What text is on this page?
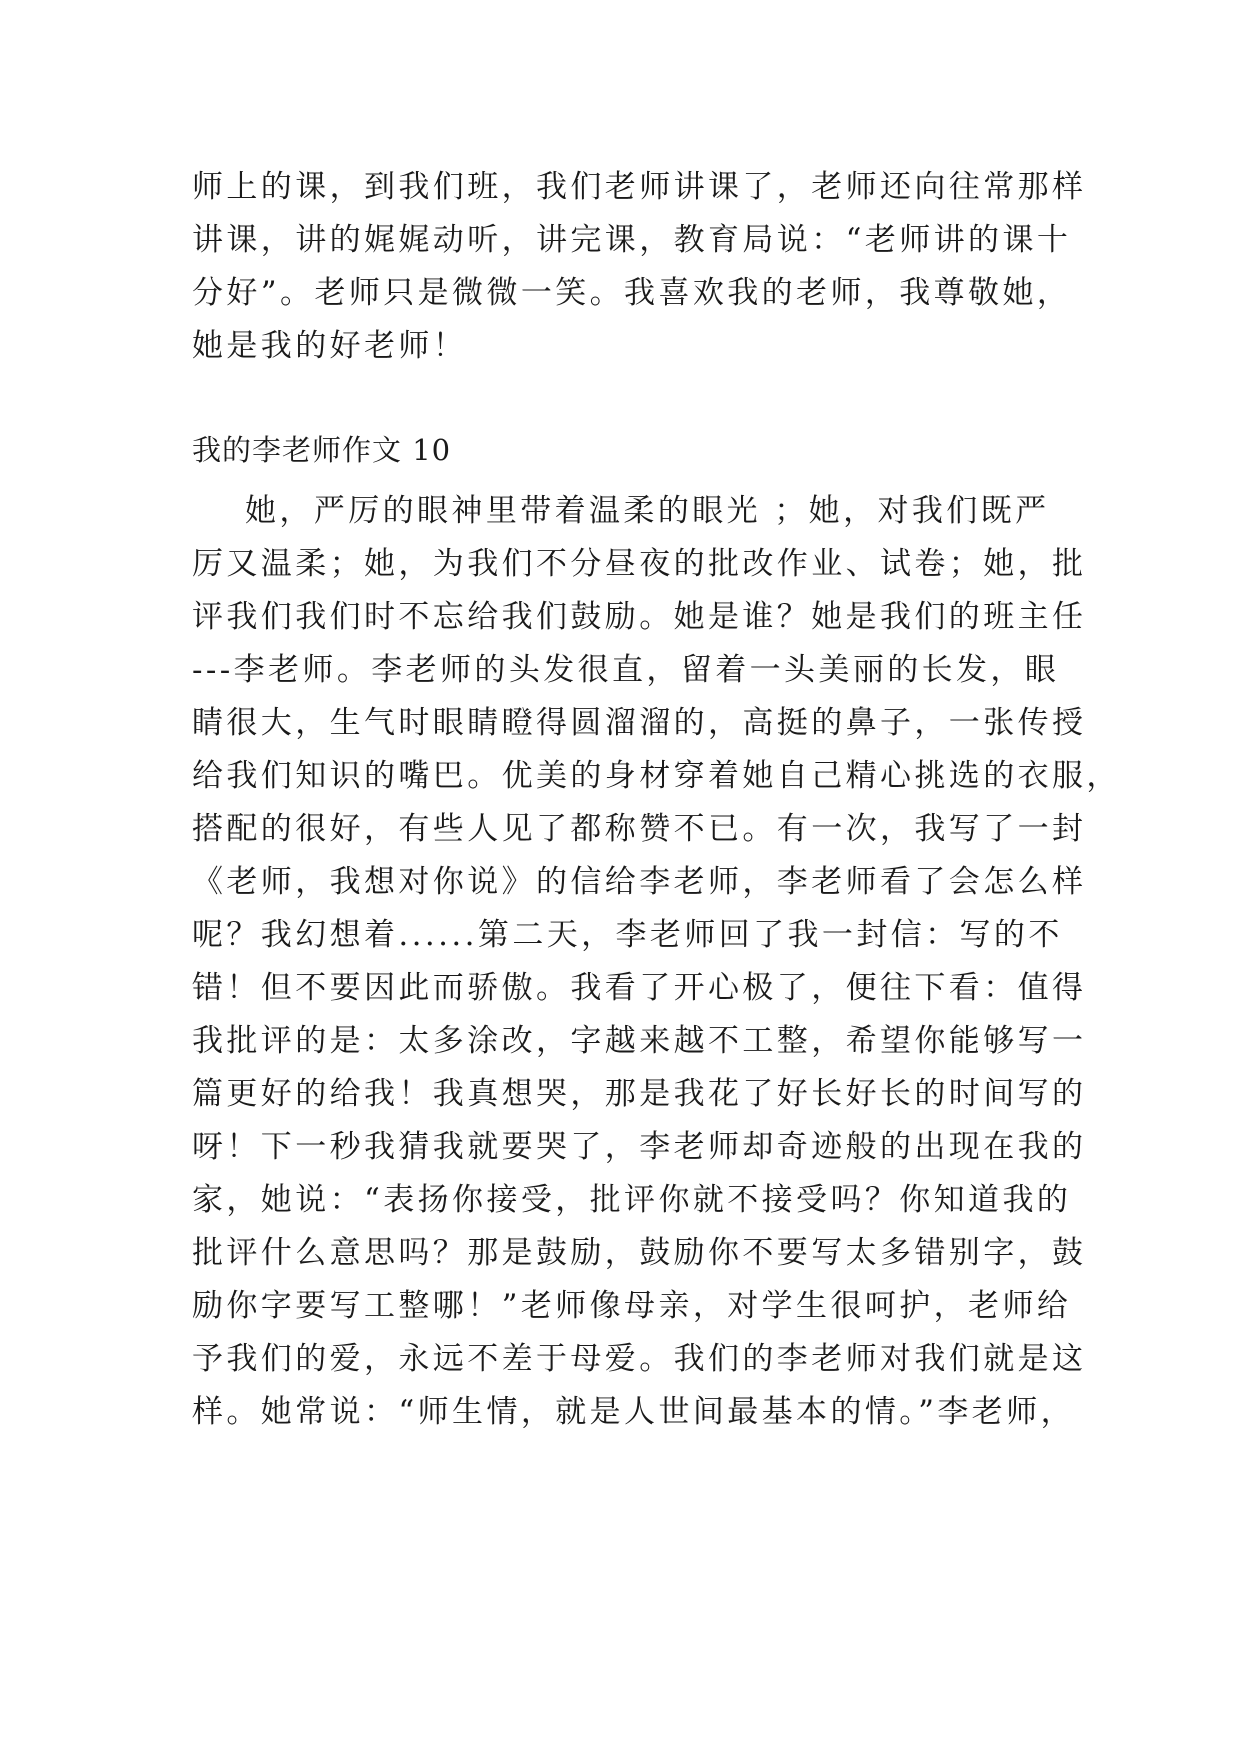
师上的课，到我们班，我们老师讲课了，老师还向往常那样
讲课，讲的娓娓动听，讲完课，教育局说：“老师讲的课十
分好”。老师只是微微一笑。我喜欢我的老师，我尊敬她，
她是我的好老师！
我的李老师作文 10
她，严厉的眼神里带着温柔的眼光 ；她，对我们既严
厉又温柔；她，为我们不分昼夜的批改作业、试卷；她，批
评我们我们时不忘给我们鼓励。她是谁？她是我们的班主任
---李老师。李老师的头发很直，留着一头美丽的长发，眼
睛很大，生气时眼睛瞪得圆溜溜的，高挺的鼻子，一张传授
给我们知识的嘴巴。优美的身材穿着她自己精心挑选的衣服，
搭配的很好，有些人见了都称赞不已。有一次，我写了一封
《老师，我想对你说》的信给李老师，李老师看了会怎么样
呢？我幻想着......第二天，李老师回了我一封信：写的不
错！但不要因此而骄傲。我看了开心极了，便往下看：值得
我批评的是：太多涂改，字越来越不工整，希望你能够写一
篇更好的给我！我真想哭，那是我花了好长好长的时间写的
呀！下一秒我猜我就要哭了，李老师却奇迹般的出现在我的
家，她说：“表扬你接受，批评你就不接受吗？你知道我的
批评什么意思吗？那是鼓励，鼓励你不要写太多错别字，鼓
励你字要写工整哪！”老师像母亲，对学生很呵护，老师给
予我们的爱，永远不差于母爱。我们的李老师对我们就是这
样。她常说：“师生情，就是人世间最基本的情。”李老师，
